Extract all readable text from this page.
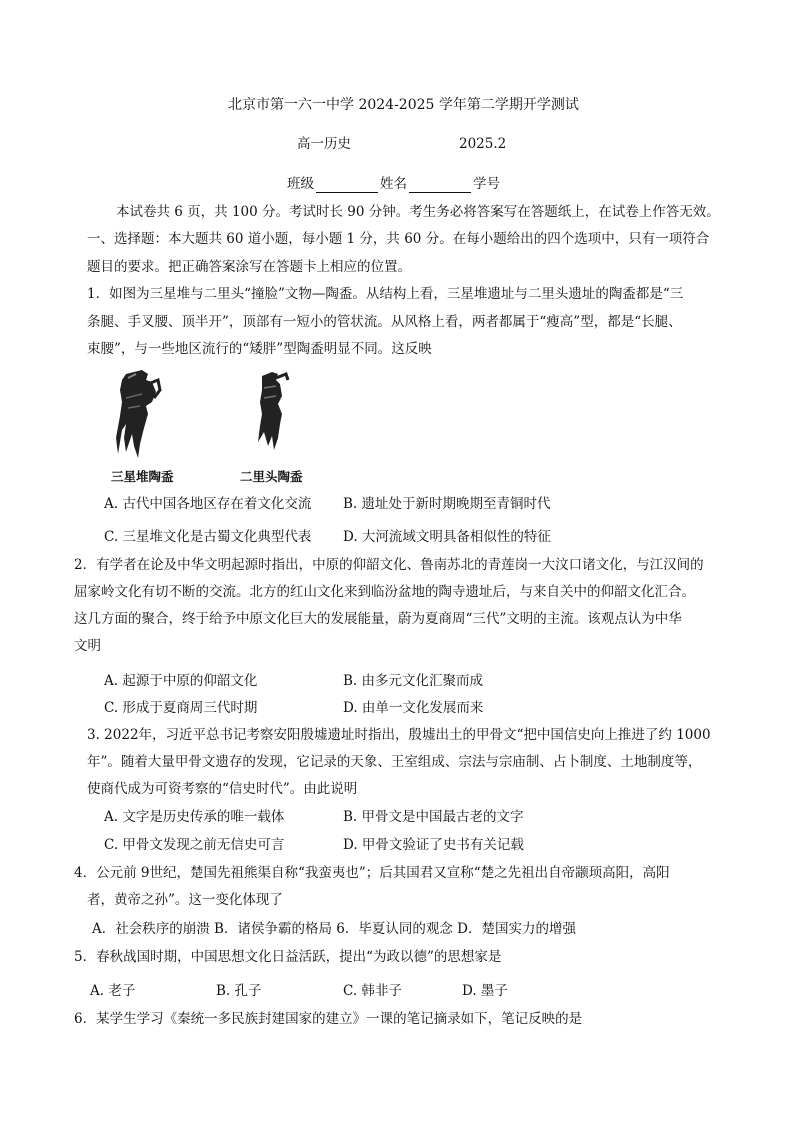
北京市第一六一中学 2024-2025 学年第二学期开学测试
高一历史	2025.2
班级	姓名	学号
本试卷共 6 页，共 100 分。考试时长 90 分钟。考生务必将答案写在答题纸上，在试卷上作答无效。
一、选择题：本大题共 60 道小题，每小题 1 分，共 60 分。在每小题给出的四个选项中，只有一项符合
题目的要求。把正确答案涂写在答题卡上相应的位置。
1．如图为三星堆与二里头“撞脸”文物—陶盉。从结构上看，三星堆遗址与二里头遗址的陶盉都是“三
条腿、手叉腰、顶半开”，顶部有一短小的管状流。从风格上看，两者都属于“瘦高”型，都是“长腿、
束腰”，与一些地区流行的“矮胖”型陶盉明显不同。这反映
三星堆陶盉	二里头陶盉
A. 古代中国各地区存在着文化交流 B. 遗址处于新时期晚期至青铜时代
C. 三星堆文化是古蜀文化典型代表 D. 大河流域文明具备相似性的特征
2．有学者在论及中华文明起源时指出，中原的仰韶文化、鲁南苏北的青莲岗一大汶口诸文化，与江汉间的
屈家岭文化有切不断的交流。北方的红山文化来到临汾盆地的陶寺遗址后，与来自关中的仰韶文化汇合。
这几方面的聚合，终于给予中原文化巨大的发展能量，蔚为夏商周“三代”文明的主流。该观点认为中华
文明
A. 起源于中原的仰韶文化	B. 由多元文化汇聚而成
C. 形成于夏商周三代时期	D. 由单一文化发展而来
3. 2022年，习近平总书记考察安阳殷墟遗址时指出，殷墟出土的甲骨文“把中国信史向上推进了约 1000
年”。随着大量甲骨文遗存的发现，它记录的天象、王室组成、宗法与宗庙制、占卜制度、土地制度等，
使商代成为可资考察的“信史时代”。由此说明
A. 文字是历史传承的唯一载体	B. 甲骨文是中国最古老的文字
C. 甲骨文发现之前无信史可言	D. 甲骨文验证了史书有关记载
4．公元前 9世纪，楚国先祖熊渠自称“我蛮夷也”；后其国君又宣称“楚之先祖出自帝颛顼高阳，高阳
者，黄帝之孙”。这一变化体现了
A．社会秩序的崩溃 B．诸侯争霸的格局 6．毕夏认同的观念 D．楚国实力的增强
5．春秋战国时期，中国思想文化日益活跃，提出“为政以德”的思想家是
A. 老子	B. 孔子	C. 韩非子	D. 墨子
6．某学生学习《秦统一多民族封建国家的建立》一课的笔记摘录如下，笔记反映的是
